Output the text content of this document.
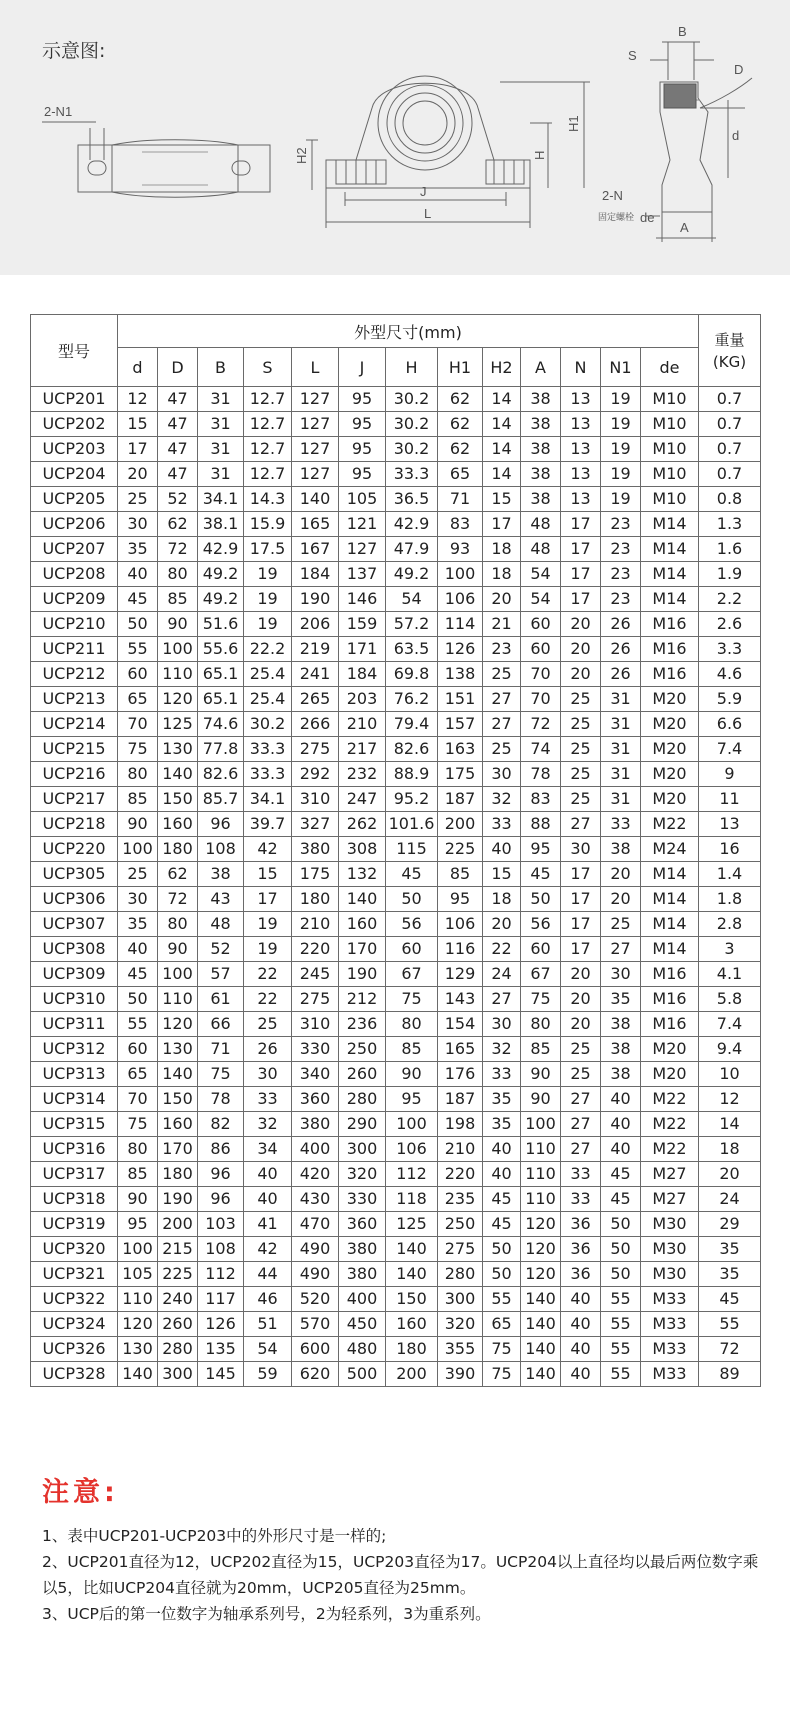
示意图:
2-N1
H2
J
L
H
H1
B
S
D
d
2-N
固定螺栓 de
A
型号	外型尺寸(mm)													重量
(KG)
	d	D	B	S	L	J	H	H1	H2	A	N	N1	de	
UCP201	12	47	31	12.7	127	95	30.2	62	14	38	13	19	M10	0.7
UCP202	15	47	31	12.7	127	95	30.2	62	14	38	13	19	M10	0.7
UCP203	17	47	31	12.7	127	95	30.2	62	14	38	13	19	M10	0.7
UCP204	20	47	31	12.7	127	95	33.3	65	14	38	13	19	M10	0.7
UCP205	25	52	34.1	14.3	140	105	36.5	71	15	38	13	19	M10	0.8
UCP206	30	62	38.1	15.9	165	121	42.9	83	17	48	17	23	M14	1.3
UCP207	35	72	42.9	17.5	167	127	47.9	93	18	48	17	23	M14	1.6
UCP208	40	80	49.2	19	184	137	49.2	100	18	54	17	23	M14	1.9
UCP209	45	85	49.2	19	190	146	54	106	20	54	17	23	M14	2.2
UCP210	50	90	51.6	19	206	159	57.2	114	21	60	20	26	M16	2.6
UCP211	55	100	55.6	22.2	219	171	63.5	126	23	60	20	26	M16	3.3
UCP212	60	110	65.1	25.4	241	184	69.8	138	25	70	20	26	M16	4.6
UCP213	65	120	65.1	25.4	265	203	76.2	151	27	70	25	31	M20	5.9
UCP214	70	125	74.6	30.2	266	210	79.4	157	27	72	25	31	M20	6.6
UCP215	75	130	77.8	33.3	275	217	82.6	163	25	74	25	31	M20	7.4
UCP216	80	140	82.6	33.3	292	232	88.9	175	30	78	25	31	M20	9
UCP217	85	150	85.7	34.1	310	247	95.2	187	32	83	25	31	M20	11
UCP218	90	160	96	39.7	327	262	101.6	200	33	88	27	33	M22	13
UCP220	100	180	108	42	380	308	115	225	40	95	30	38	M24	16
UCP305	25	62	38	15	175	132	45	85	15	45	17	20	M14	1.4
UCP306	30	72	43	17	180	140	50	95	18	50	17	20	M14	1.8
UCP307	35	80	48	19	210	160	56	106	20	56	17	25	M14	2.8
UCP308	40	90	52	19	220	170	60	116	22	60	17	27	M14	3
UCP309	45	100	57	22	245	190	67	129	24	67	20	30	M16	4.1
UCP310	50	110	61	22	275	212	75	143	27	75	20	35	M16	5.8
UCP311	55	120	66	25	310	236	80	154	30	80	20	38	M16	7.4
UCP312	60	130	71	26	330	250	85	165	32	85	25	38	M20	9.4
UCP313	65	140	75	30	340	260	90	176	33	90	25	38	M20	10
UCP314	70	150	78	33	360	280	95	187	35	90	27	40	M22	12
UCP315	75	160	82	32	380	290	100	198	35	100	27	40	M22	14
UCP316	80	170	86	34	400	300	106	210	40	110	27	40	M22	18
UCP317	85	180	96	40	420	320	112	220	40	110	33	45	M27	20
UCP318	90	190	96	40	430	330	118	235	45	110	33	45	M27	24
UCP319	95	200	103	41	470	360	125	250	45	120	36	50	M30	29
UCP320	100	215	108	42	490	380	140	275	50	120	36	50	M30	35
UCP321	105	225	112	44	490	380	140	280	50	120	36	50	M30	35
UCP322	110	240	117	46	520	400	150	300	55	140	40	55	M33	45
UCP324	120	260	126	51	570	450	160	320	65	140	40	55	M33	55
UCP326	130	280	135	54	600	480	180	355	75	140	40	55	M33	72
UCP328	140	300	145	59	620	500	200	390	75	140	40	55	M33	89
注意:
1、表中UCP201-UCP203中的外形尺寸是一样的;
2、UCP201直径为12，UCP202直径为15，UCP203直径为17。UCP204以上直径均以最后两位数字乘以5，比如UCP204直径就为20mm，UCP205直径为25mm。
3、UCP后的第一位数字为轴承系列号，2为轻系列，3为重系列。
